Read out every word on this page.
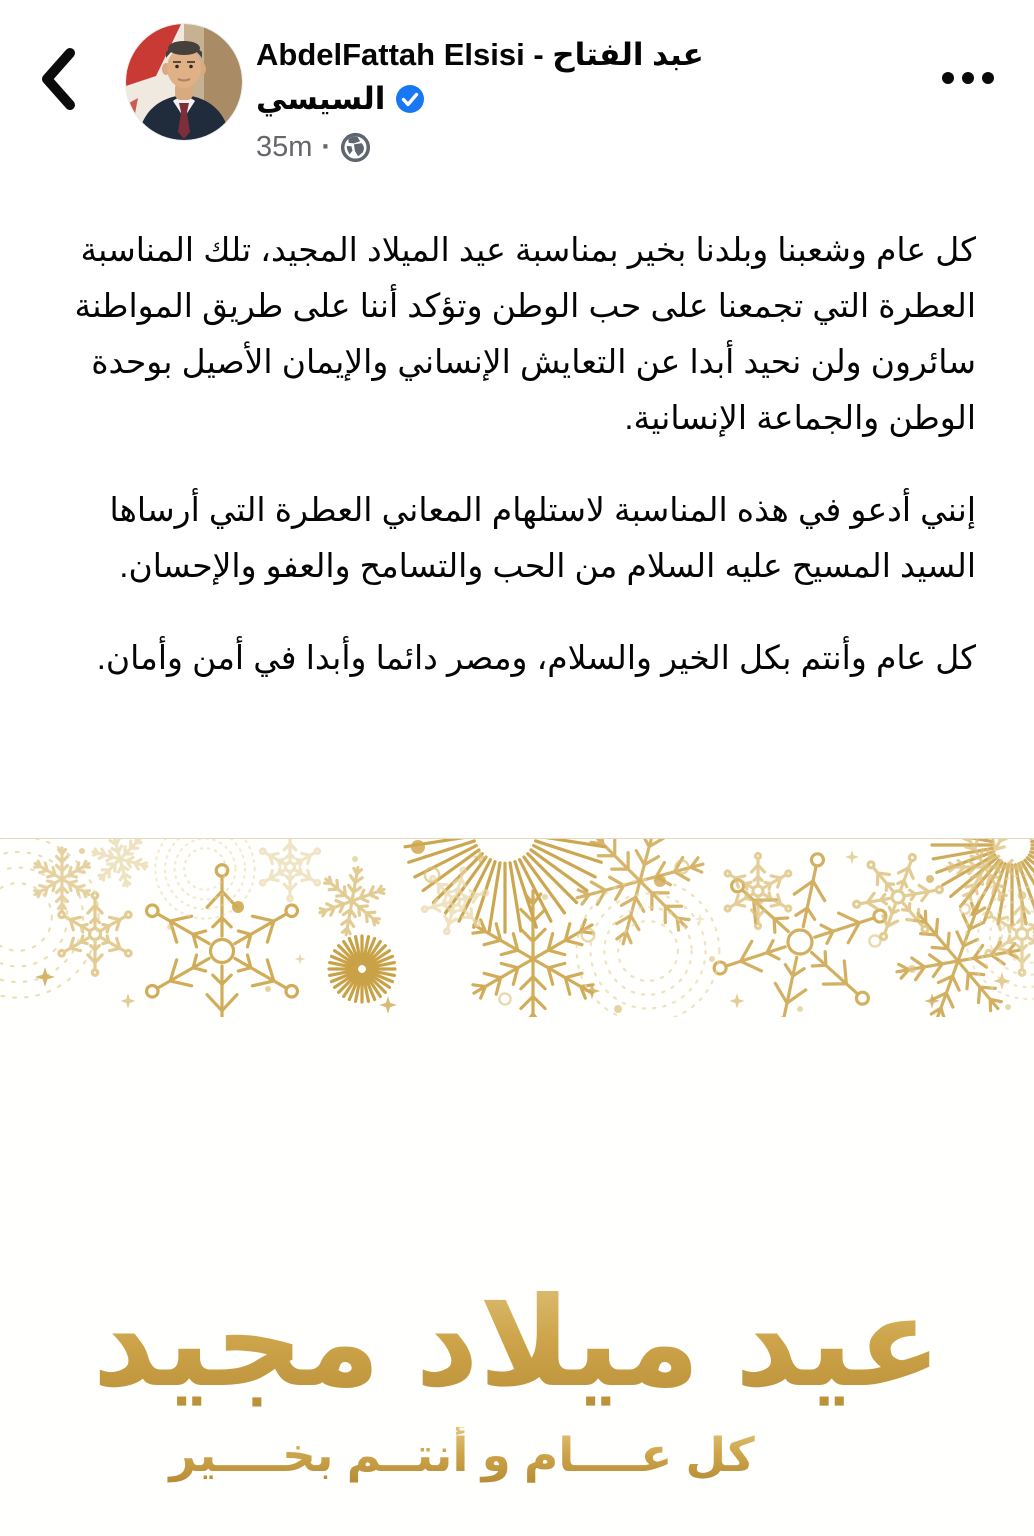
AbdelFattah Elsisi - عبد الفتاح
السيسي
35m ·

كل عام وشعبنا وبلدنا بخير بمناسبة عيد الميلاد المجيد، تلك المناسبة العطرة التي تجمعنا على حب الوطن وتؤكد أننا على طريق المواطنة سائرون ولن نحيد أبدا عن التعايش الإنساني والإيمان الأصيل بوحدة الوطن والجماعة الإنسانية.

إنني أدعو في هذه المناسبة لاستلهام المعاني العطرة التي أرساها السيد المسيح عليه السلام من الحب والتسامح والعفو والإحسان.

كل عام وأنتم بكل الخير والسلام، ومصر دائما وأبدا في أمن وأمان.

عيد ميلاد مجيد
كل عــــام و أنتــم بخــــير
